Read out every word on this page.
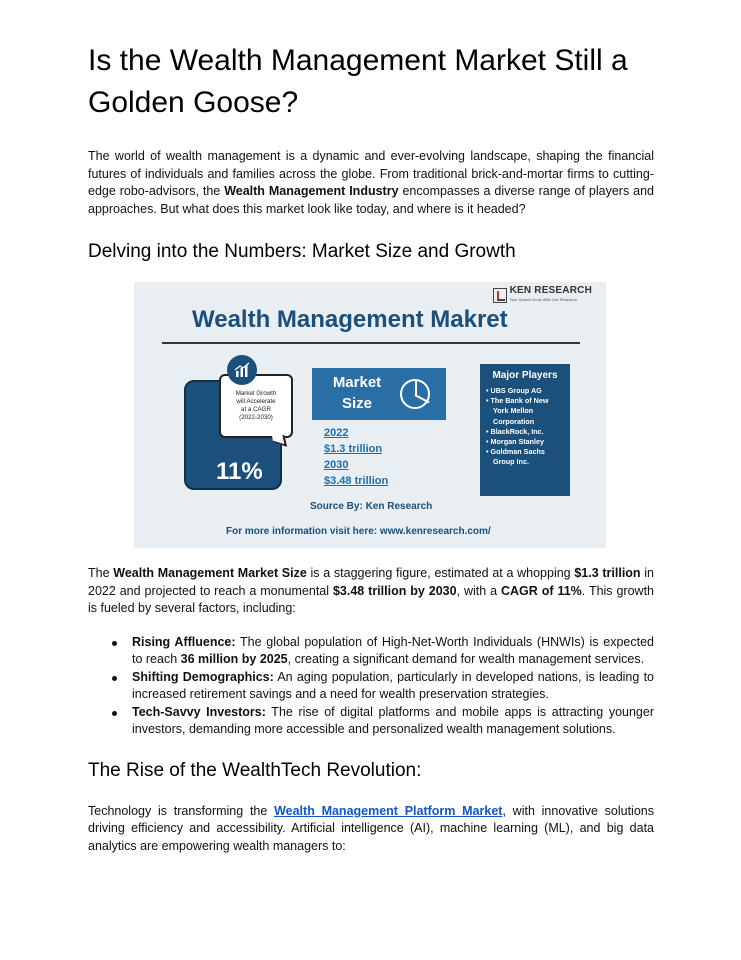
Is the Wealth Management Market Still a Golden Goose?

The world of wealth management is a dynamic and ever-evolving landscape, shaping the financial futures of individuals and families across the globe. From traditional brick-and-mortar firms to cutting-edge robo-advisors, the Wealth Management Industry encompasses a diverse range of players and approaches. But what does this market look like today, and where is it headed?

Delving into the Numbers: Market Size and Growth
KEN RESEARCH
Your Search Ends With Our Research
Wealth Management Makret
Market Growth
will Accelerate
at a CAGR
(2022-2030)
11%
Market
Size
2022
$1.3 trillion
2030
$3.48 trillion
Major Players
• UBS Group AG
• The Bank of New York Mellon Corporation
• BlackRock, Inc.
• Morgan Stanley
• Goldman Sachs Group Inc.
Source By: Ken Research
For more information visit here: www.kenresearch.com/

The Wealth Management Market Size is a staggering figure, estimated at a whopping $1.3 trillion in 2022 and projected to reach a monumental $3.48 trillion by 2030, with a CAGR of 11%. This growth is fueled by several factors, including:

Rising Affluence: The global population of High-Net-Worth Individuals (HNWIs) is expected to reach 36 million by 2025, creating a significant demand for wealth management services.
Shifting Demographics: An aging population, particularly in developed nations, is leading to increased retirement savings and a need for wealth preservation strategies.
Tech-Savvy Investors: The rise of digital platforms and mobile apps is attracting younger investors, demanding more accessible and personalized wealth management solutions.
The Rise of the WealthTech Revolution:

Technology is transforming the Wealth Management Platform Market, with innovative solutions driving efficiency and accessibility. Artificial intelligence (AI), machine learning (ML), and big data analytics are empowering wealth managers to:
